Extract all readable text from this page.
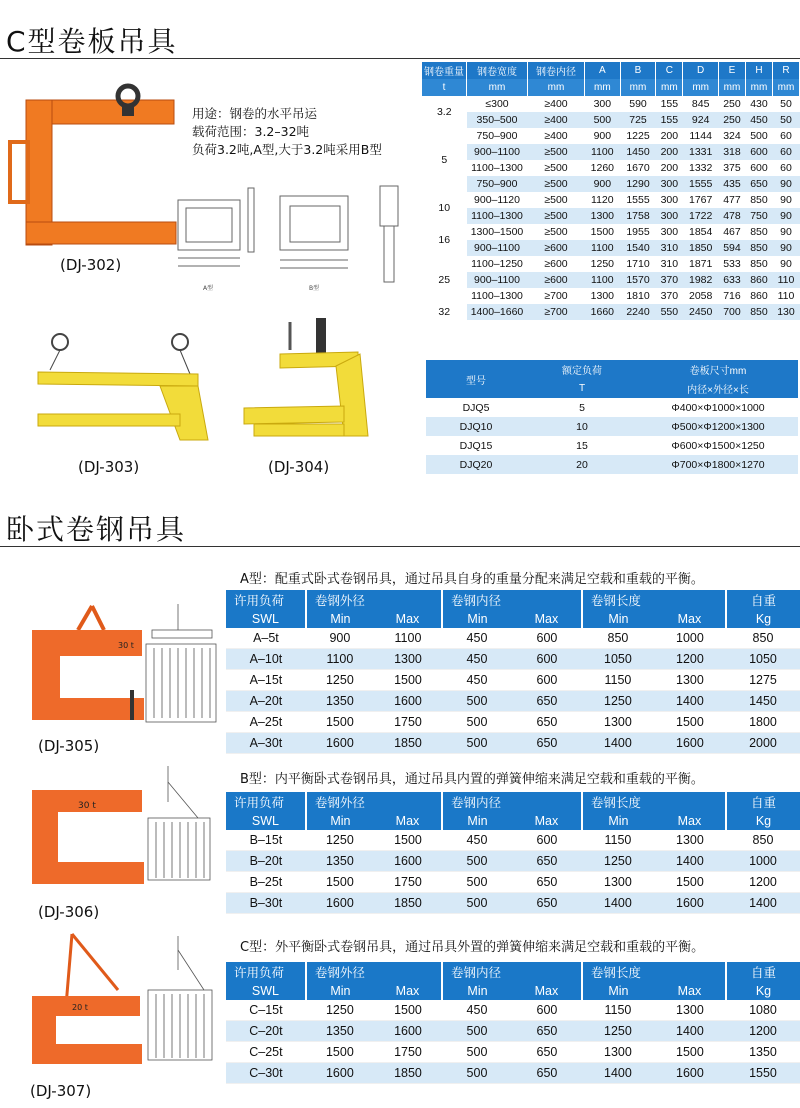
C型卷板吊具
(DJ-302)
用途：钢卷的水平吊运
载荷范围：3.2–32吨
负荷3.2吨,A型,大于3.2吨采用B型
A型	B型
(DJ-303)	(DJ-304)
钢卷重量	钢卷宽度	钢卷内径	A	B	C	D	E	H	R
t	mm	mm	mm	mm	mm	mm	mm	mm	mm
3.2	≤300	≥400	300	590	155	845	250	430	50
	350–500	≥400	500	725	155	924	250	450	50
5	750–900	≥400	900	1225	200	1144	324	500	60
	900–1100	≥500	1100	1450	200	1331	318	600	60
	1100–1300	≥500	1260	1670	200	1332	375	600	60
	750–900	≥500	900	1290	300	1555	435	650	90
10	900–1120	≥500	1120	1555	300	1767	477	850	90
	1100–1300	≥500	1300	1758	300	1722	478	750	90
16	1300–1500	≥500	1500	1955	300	1854	467	850	90
	900–1100	≥600	1100	1540	310	1850	594	850	90
25	1100–1250	≥600	1250	1710	310	1871	533	850	90
	900–1100	≥600	1100	1570	370	1982	633	860	110
	1100–1300	≥700	1300	1810	370	2058	716	860	110
32	1400–1660	≥700	1660	2240	550	2450	700	850	130
型号	额定负荷	卷板尺寸mm
	T	内径×外径×长
DJQ5	5	Φ400×Φ1000×1000
DJQ10	10	Φ500×Φ1200×1300
DJQ15	15	Φ600×Φ1500×1250
DJQ20	20	Φ700×Φ1800×1270
卧式卷钢吊具
30 t
(DJ-305)
30 t
(DJ-306)
20 t
(DJ-307)
A型：配重式卧式卷钢吊具，通过吊具自身的重量分配来满足空载和重载的平衡。
许用负荷	卷钢外径		卷钢内径		卷钢长度		自重
SWL	Min	Max	Min	Max	Min	Max	Kg
A–5t	900	1100	450	600	850	1000	850
A–10t	1100	1300	450	600	1050	1200	1050
A–15t	1250	1500	450	600	1150	1300	1275
A–20t	1350	1600	500	650	1250	1400	1450
A–25t	1500	1750	500	650	1300	1500	1800
A–30t	1600	1850	500	650	1400	1600	2000
B型：内平衡卧式卷钢吊具，通过吊具内置的弹簧伸缩来满足空载和重载的平衡。
许用负荷	卷钢外径		卷钢内径		卷钢长度		自重
SWL	Min	Max	Min	Max	Min	Max	Kg
B–15t	1250	1500	450	600	1150	1300	850
B–20t	1350	1600	500	650	1250	1400	1000
B–25t	1500	1750	500	650	1300	1500	1200
B–30t	1600	1850	500	650	1400	1600	1400
C型：外平衡卧式卷钢吊具，通过吊具外置的弹簧伸缩来满足空载和重载的平衡。
许用负荷	卷钢外径		卷钢内径		卷钢长度		自重
SWL	Min	Max	Min	Max	Min	Max	Kg
C–15t	1250	1500	450	600	1150	1300	1080
C–20t	1350	1600	500	650	1250	1400	1200
C–25t	1500	1750	500	650	1300	1500	1350
C–30t	1600	1850	500	650	1400	1600	1550
